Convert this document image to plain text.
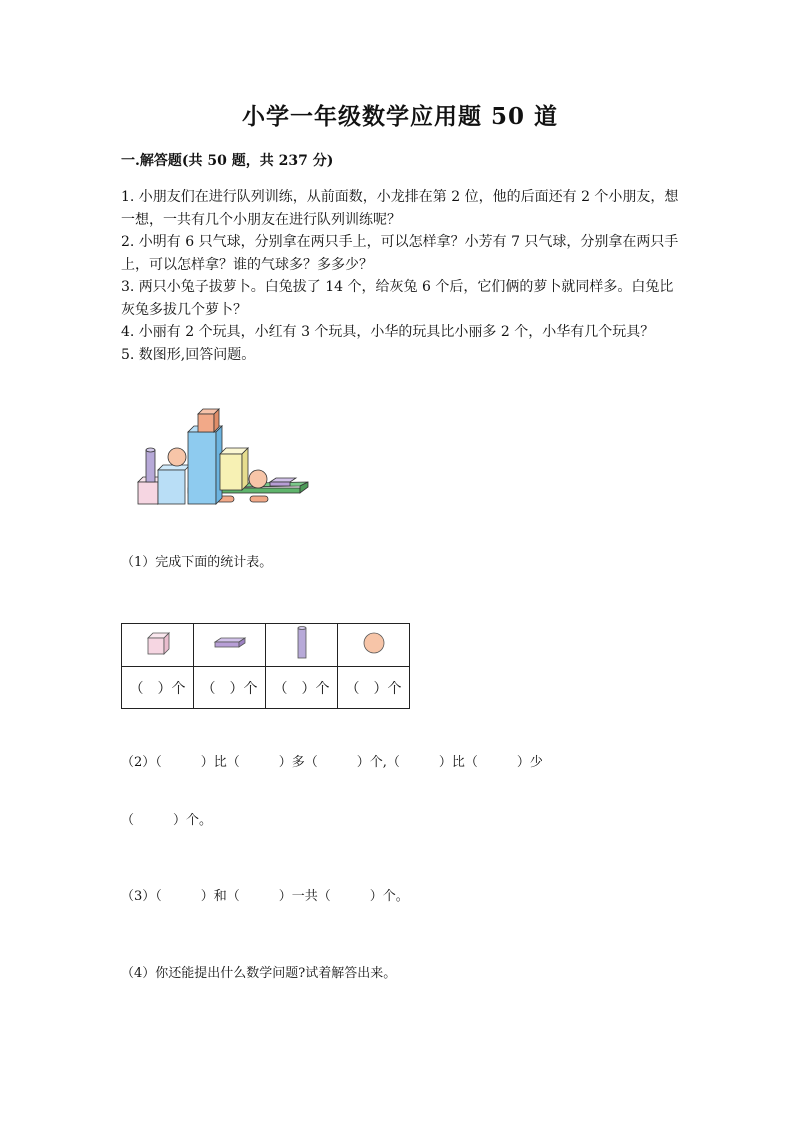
小学一年级数学应用题 50 道
一.解答题(共 50 题，共 237 分)

1. 小朋友们在进行队列训练，从前面数，小龙排在第 2 位，他的后面还有 2 个小朋友，想一想，一共有几个小朋友在进行队列训练呢？

2. 小明有 6 只气球，分别拿在两只手上，可以怎样拿？小芳有 7 只气球，分别拿在两只手上，可以怎样拿？谁的气球多？多多少？

3. 两只小兔子拔萝卜。白兔拔了 14 个，给灰兔 6 个后，它们俩的萝卜就同样多。白兔比灰兔多拔几个萝卜？

4. 小丽有 2 个玩具，小红有 3 个玩具，小华的玩具比小丽多 2 个，小华有几个玩具？

5. 数图形,回答问题。

（1）完成下面的统计表。

（　）个	（　）个	（　）个	（　）个
（2）（　　　）比（　　　）多（　　　）个,（　　　）比（　　　）少
（　　　）个。
（3）（　　　）和（　　　）一共（　　　）个。
（4）你还能提出什么数学问题?试着解答出来。
